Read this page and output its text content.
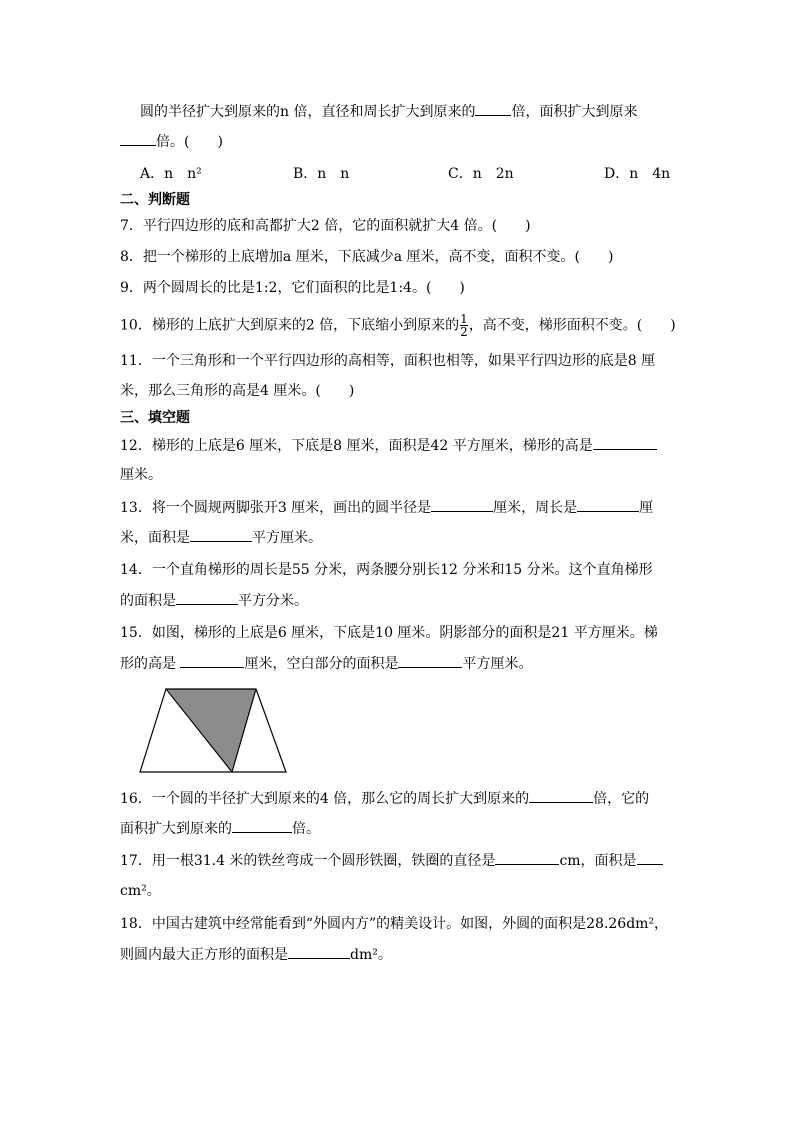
圆的半径扩大到原来的n 倍，直径和周长扩大到原来的	倍，面积扩大到原来
倍。(　　)
A．n　n²	B．n　n	C．n　2n	D．n　4n
二、判断题
7．平行四边形的底和高都扩大2 倍，它的面积就扩大4 倍。(　　)
8．把一个梯形的上底增加a 厘米，下底减少a 厘米，高不变，面积不变。(　　)
9．两个圆周长的比是1:2，它们面积的比是1:4。(　　)
10．梯形的上底扩大到原来的2 倍，下底缩小到原来的 $\frac{1}{2}$ ，高不变，梯形面积不变。(　　)
11．一个三角形和一个平行四边形的高相等，面积也相等，如果平行四边形的底是8 厘
米，那么三角形的高是4 厘米。(　　)
三、填空题
12．梯形的上底是6 厘米，下底是8 厘米，面积是42 平方厘米，梯形的高是
厘米。
13．将一个圆规两脚张开3 厘米，画出的圆半径是	厘米，周长是	厘
米，面积是	平方厘米。
14．一个直角梯形的周长是55 分米，两条腰分别长12 分米和15 分米。这个直角梯形
的面积是	平方分米。
15．如图，梯形的上底是6 厘米，下底是10 厘米。阴影部分的面积是21 平方厘米。梯
形的高是	厘米，空白部分的面积是	平方厘米。
16．一个圆的半径扩大到原来的4 倍，那么它的周长扩大到原来的	倍，它的
面积扩大到原来的	倍。
17．用一根31.4 米的铁丝弯成一个圆形铁圈，铁圈的直径是	cm，面积是
cm²。
18．中国古建筑中经常能看到“外圆内方”的精美设计。如图，外圆的面积是28.26dm²，
则圆内最大正方形的面积是	dm²。
